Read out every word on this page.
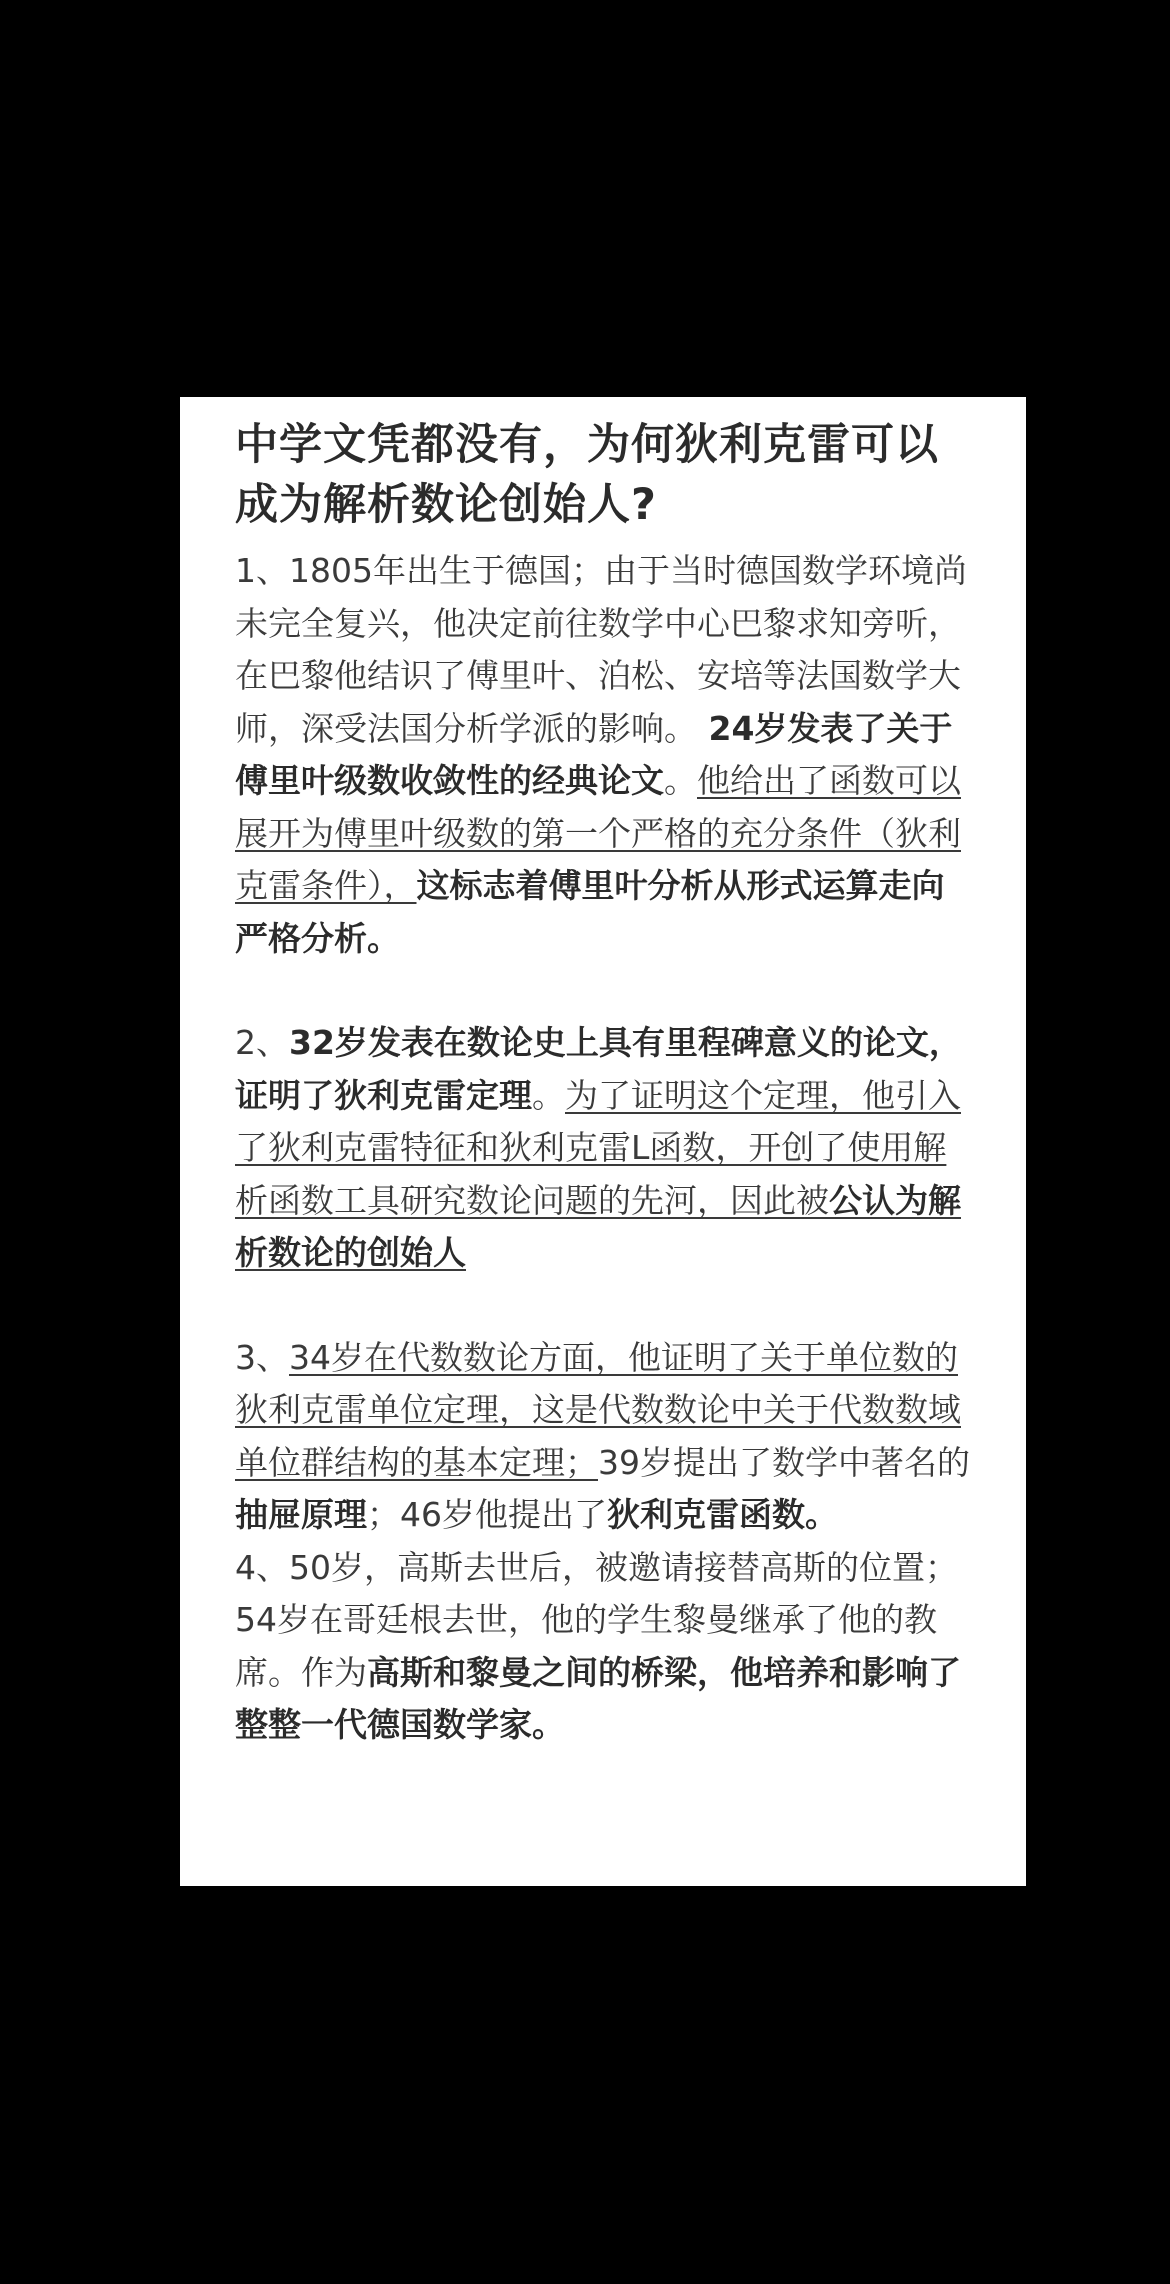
中学文凭都没有，为何狄利克雷可以成为解析数论创始人?

1、1805年出生于德国；由于当时德国数学环境尚未完全复兴，他决定前往数学中心巴黎求知旁听，在巴黎他结识了傅里叶、泊松、安培等法国数学大师，深受法国分析学派的影响。 24岁发表了关于傅里叶级数收敛性的经典论文。他给出了函数可以展开为傅里叶级数的第一个严格的充分条件（狄利克雷条件），这标志着傅里叶分析从形式运算走向严格分析。

2、32岁发表在数论史上具有里程碑意义的论文，证明了狄利克雷定理。为了证明这个定理，他引入了狄利克雷特征和狄利克雷L函数，开创了使用解析函数工具研究数论问题的先河，因此被公认为解析数论的创始人

3、34岁在代数数论方面，他证明了关于单位数的狄利克雷单位定理，这是代数数论中关于代数数域单位群结构的基本定理；39岁提出了数学中著名的抽屉原理；46岁他提出了狄利克雷函数。

4、50岁，高斯去世后，被邀请接替高斯的位置；54岁在哥廷根去世，他的学生黎曼继承了他的教席。作为高斯和黎曼之间的桥梁，他培养和影响了整整一代德国数学家。
